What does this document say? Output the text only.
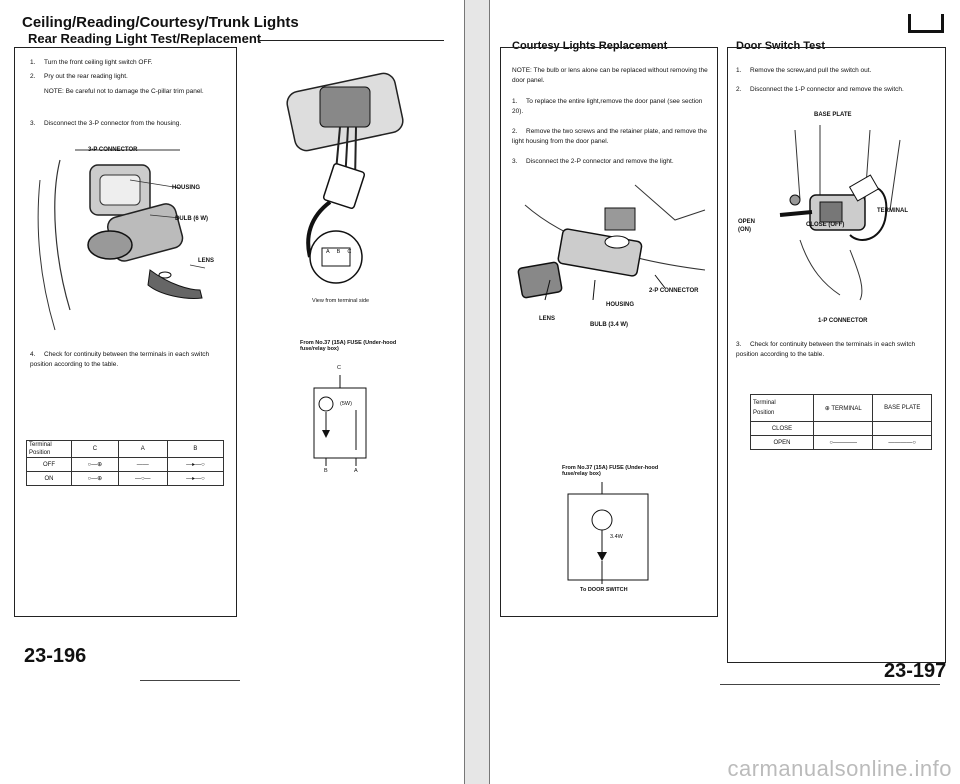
Ceiling/Reading/Courtesy/Trunk Lights
Rear Reading Light Test/Replacement
1. Turn the front ceiling light switch OFF.
2. Pry out the rear reading light.
NOTE: Be careful not to damage the C-pillar trim panel.
3. Disconnect the 3-P connector from the housing.
3-P CONNECTOR
HOUSING
BULB (6 W)
LENS
4. Check for continuity between the terminals in each switch position according to the table.
Terminal
Position	C	A	B
OFF	○—⊕	——	—▸—○
ON	○—⊕	—○—	—▸—○
23-196
ABC
View from terminal side
From No.37 (15A) FUSE (Under-hood fuse/relay box)
C
(5W)
B	A
Courtesy Lights Replacement
NOTE: The bulb or lens alone can be replaced without removing the door panel.
1. To replace the entire light,remove the door panel (see section 20).
2. Remove the two screws and the retainer plate, and remove the light housing from the door panel.
3. Disconnect the 2-P connector and remove the light.
2-P CONNECTOR
HOUSING
LENS
BULB (3.4 W)
From No.37 (15A) FUSE (Under-hood fuse/relay box)
3.4W
To DOOR SWITCH
Door Switch Test
1. Remove the screw,and pull the switch out.
2. Disconnect the 1-P connector and remove the switch.
BASE PLATE
OPEN (ON)
CLOSE (OFF)
TERMINAL
1-P CONNECTOR
3. Check for continuity between the terminals in each switch position according to the table.
Terminal
Position	⊕ TERMINAL	BASE PLATE
CLOSE		
OPEN	○————	————○
23-197
carmanualsonline.info
